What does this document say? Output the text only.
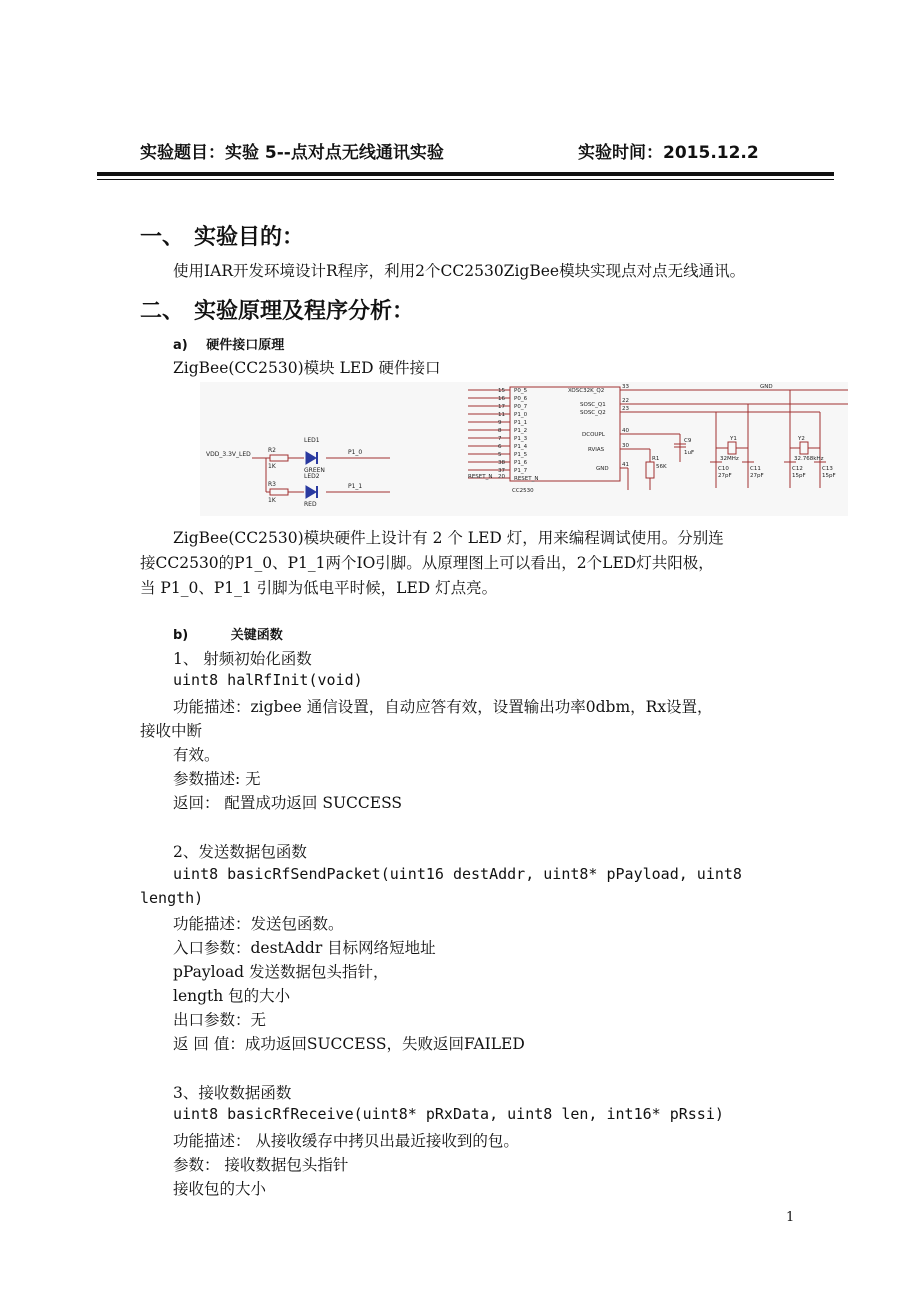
实验题目：实验 5--点对点无线通讯实验	实验时间：2015.12.2
一、 实验目的：
使用IAR开发环境设计R程序，利用2个CC2530ZigBee模块实现点对点无线通讯。
二、 实验原理及程序分析：
a) 硬件接口原理
ZigBee(CC2530)模块 LED 硬件接口
VDD_3.3V_LED
R2
1K
R3
1K
LED1
GREEN
LED2
RED
P1_0
P1_1
P0_5
P0_6
P0_7
P1_0
P1_1
P1_2
P1_3
P1_4
P1_5
P1_6
P1_7
RESET_N
15
16
17
11
9
8
7
6
5
38
37
RESET_N 20
CC2530
XOSC32K_Q2
SOSC_Q1
SOSC_Q2
DCOUPL
RVIAS
GND
33
22
23
40
30
41
C9
1uF
R1
56K
Y1
32MHz
Y2
32.768kHz
C10
27pF
C11
27pF
C12
15pF
C13
15pF
GND
ZigBee(CC2530)模块硬件上设计有 2 个 LED 灯，用来编程调试使用。分别连
接CC2530的P1_0、P1_1两个IO引脚。从原理图上可以看出，2个LED灯共阳极，
当 P1_0、P1_1 引脚为低电平时候，LED 灯点亮。
b)	关键函数
1、 射频初始化函数
uint8 halRfInit(void)
功能描述：zigbee 通信设置，自动应答有效，设置输出功率0dbm，Rx设置，
接收中断
有效。
参数描述: 无
返回： 配置成功返回 SUCCESS
2、发送数据包函数
uint8 basicRfSendPacket(uint16 destAddr, uint8* pPayload, uint8
length)
功能描述：发送包函数。
入口参数：destAddr 目标网络短地址
pPayload 发送数据包头指针，
length 包的大小
出口参数：无
返 回 值：成功返回SUCCESS，失败返回FAILED
3、接收数据函数
uint8 basicRfReceive(uint8* pRxData, uint8 len, int16* pRssi)
功能描述： 从接收缓存中拷贝出最近接收到的包。
参数： 接收数据包头指针
接收包的大小
1
